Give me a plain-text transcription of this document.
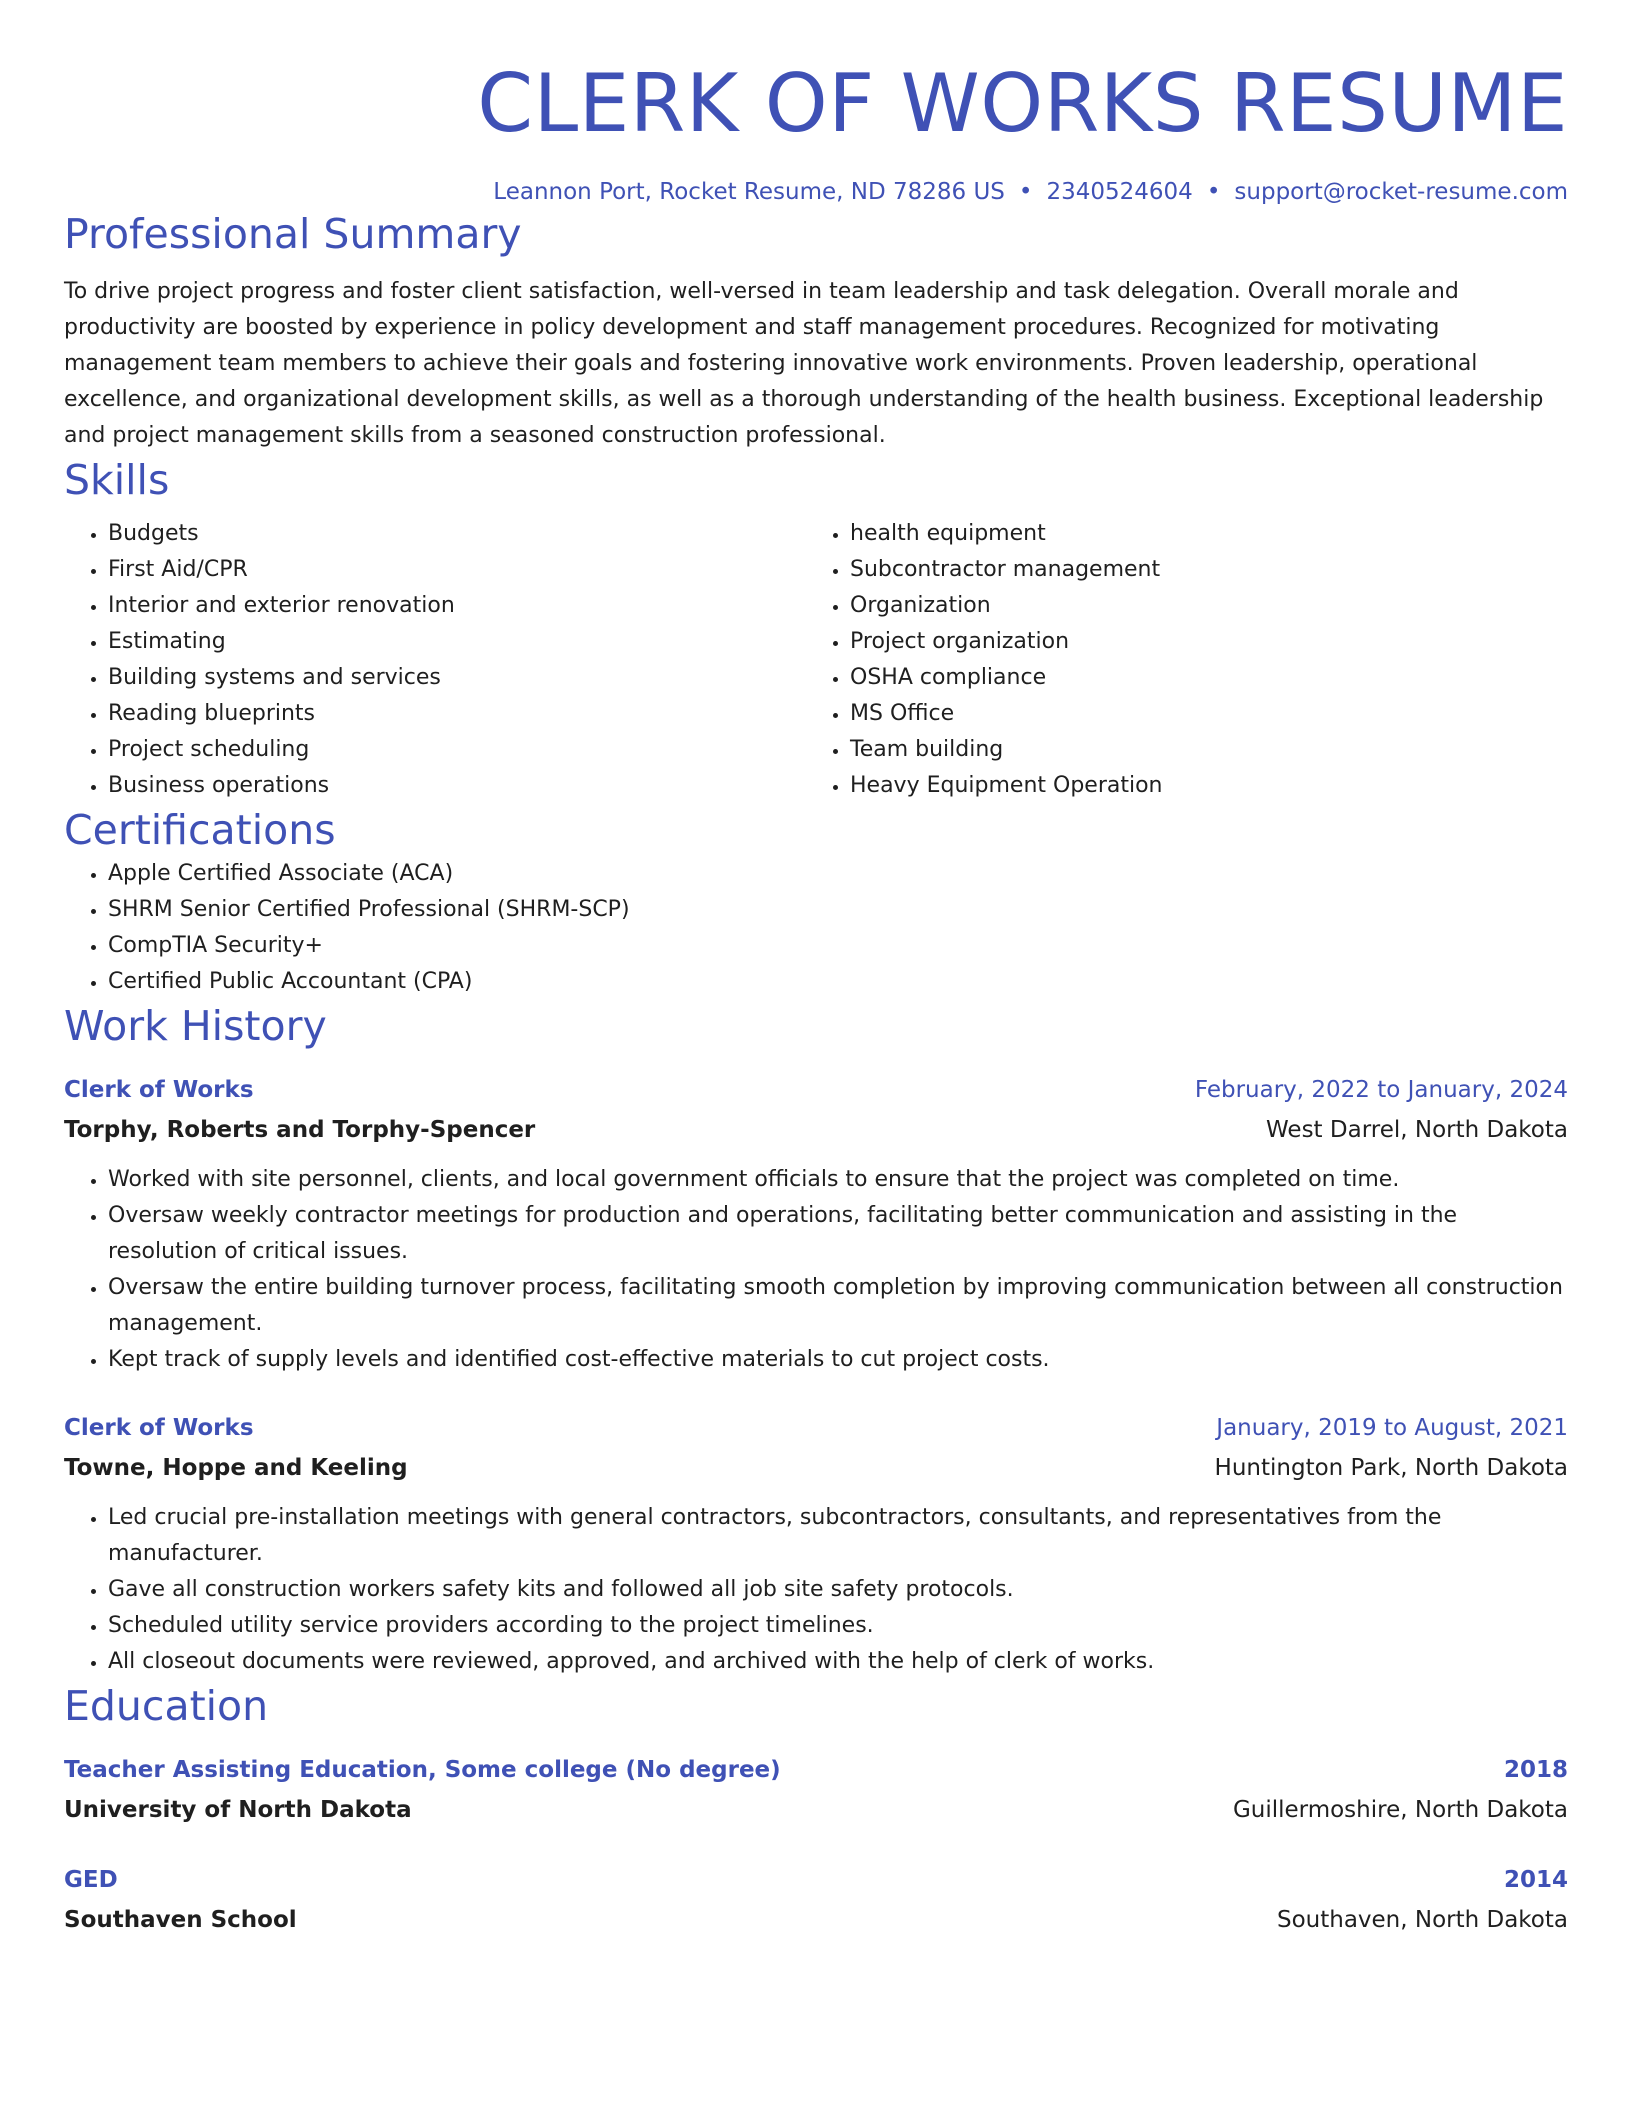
CLERK OF WORKS RESUME
Leannon Port, Rocket Resume, ND 78286 US • 2340524604 • support@rocket-resume.com
Professional Summary

To drive project progress and foster client satisfaction, well-versed in team leadership and task delegation. Overall morale and productivity are boosted by experience in policy development and staff management procedures. Recognized for motivating management team members to achieve their goals and fostering innovative work environments. Proven leadership, operational excellence, and organizational development skills, as well as a thorough understanding of the health business. Exceptional leadership and project management skills from a seasoned construction professional.

Skills
• Budgets
• First Aid/CPR
• Interior and exterior renovation
• Estimating
• Building systems and services
• Reading blueprints
• Project scheduling
• Business operations
• health equipment
• Subcontractor management
• Organization
• Project organization
• OSHA compliance
• MS Office
• Team building
• Heavy Equipment Operation
Certifications
• Apple Certified Associate (ACA)
• SHRM Senior Certified Professional (SHRM-SCP)
• CompTIA Security+
• Certified Public Accountant (CPA)
Work History
Clerk of Works	February, 2022 to January, 2024
Torphy, Roberts and Torphy-Spencer	West Darrel, North Dakota
• Worked with site personnel, clients, and local government officials to ensure that the project was completed on time.
• Oversaw weekly contractor meetings for production and operations, facilitating better communication and assisting in the resolution of critical issues.
• Oversaw the entire building turnover process, facilitating smooth completion by improving communication between all construction management.
• Kept track of supply levels and identified cost-effective materials to cut project costs.
Clerk of Works	January, 2019 to August, 2021
Towne, Hoppe and Keeling	Huntington Park, North Dakota
• Led crucial pre-installation meetings with general contractors, subcontractors, consultants, and representatives from the manufacturer.
• Gave all construction workers safety kits and followed all job site safety protocols.
• Scheduled utility service providers according to the project timelines.
• All closeout documents were reviewed, approved, and archived with the help of clerk of works.
Education
Teacher Assisting Education, Some college (No degree)	2018
University of North Dakota	Guillermoshire, North Dakota
GED	2014
Southaven School	Southaven, North Dakota
